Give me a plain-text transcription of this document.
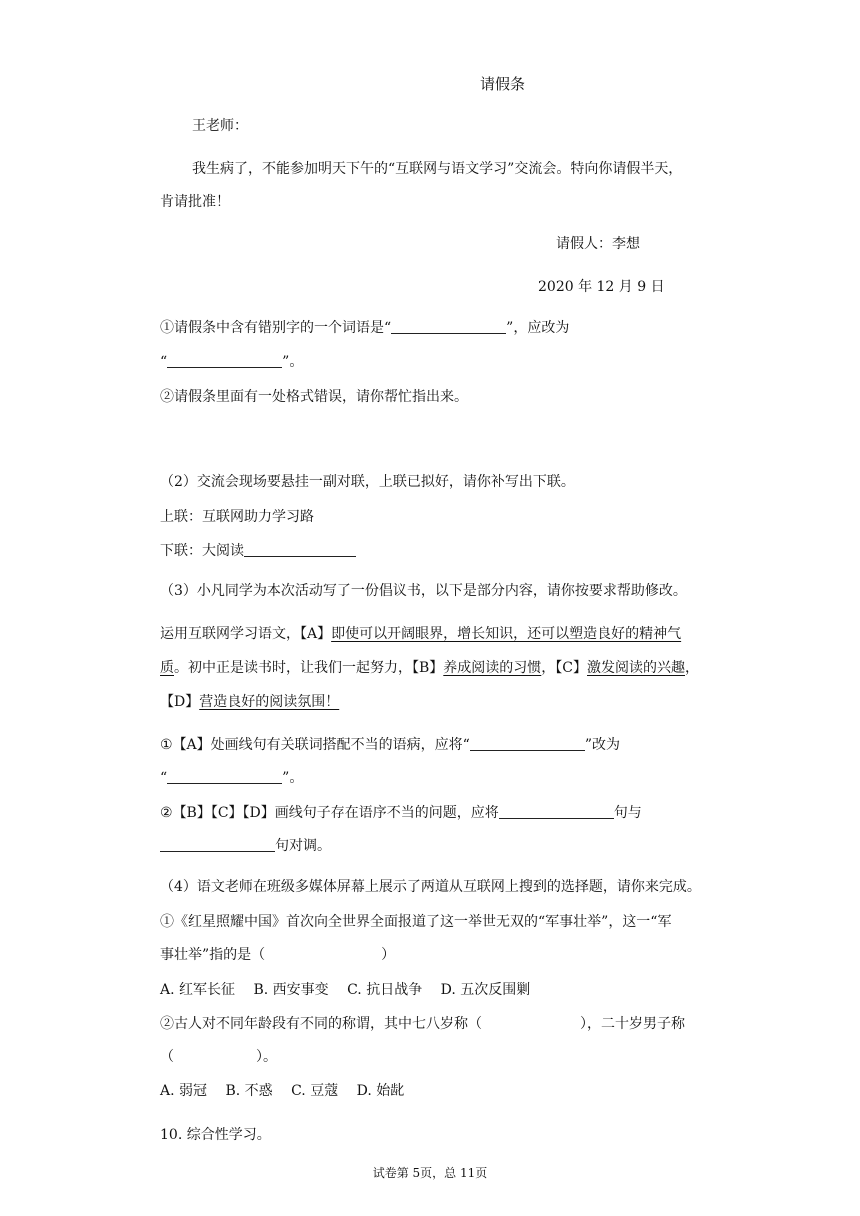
请假条
王老师：
我生病了，不能参加明天下午的“互联网与语文学习”交流会。特向你请假半天，
肯请批准！
请假人：李想
2020 年 12 月 9 日
①请假条中含有错别字的一个词语是“	”，应改为
“	”。
②请假条里面有一处格式错误，请你帮忙指出来。
（2）交流会现场要悬挂一副对联，上联已拟好，请你补写出下联。
上联：互联网助力学习路
下联：大阅读
（3）小凡同学为本次活动写了一份倡议书，以下是部分内容，请你按要求帮助修改。
运用互联网学习语文，【A】即使可以开阔眼界，增长知识，还可以塑造良好的精神气
质。初中正是读书时，让我们一起努力，【B】养成阅读的习惯，【C】激发阅读的兴趣，
【D】营造良好的阅读氛围！
①【A】处画线句有关联词搭配不当的语病，应将“	”改为
“	”。
②【B】【C】【D】画线句子存在语序不当的问题，应将	句与
句对调。
（4）语文老师在班级多媒体屏幕上展示了两道从互联网上搜到的选择题，请你来完成。
①《红星照耀中国》首次向全世界全面报道了这一举世无双的“军事壮举”，这一“军
事壮举”指的是（	）
A. 红军长征　 B. 西安事变　 C. 抗日战争　 D. 五次反围剿
②古人对不同年龄段有不同的称谓，其中七八岁称（	），二十岁男子称
（	）。
A. 弱冠　 B. 不惑　 C. 豆蔻　 D. 始龀
10. 综合性学习。
试卷第 5页，总 11页
